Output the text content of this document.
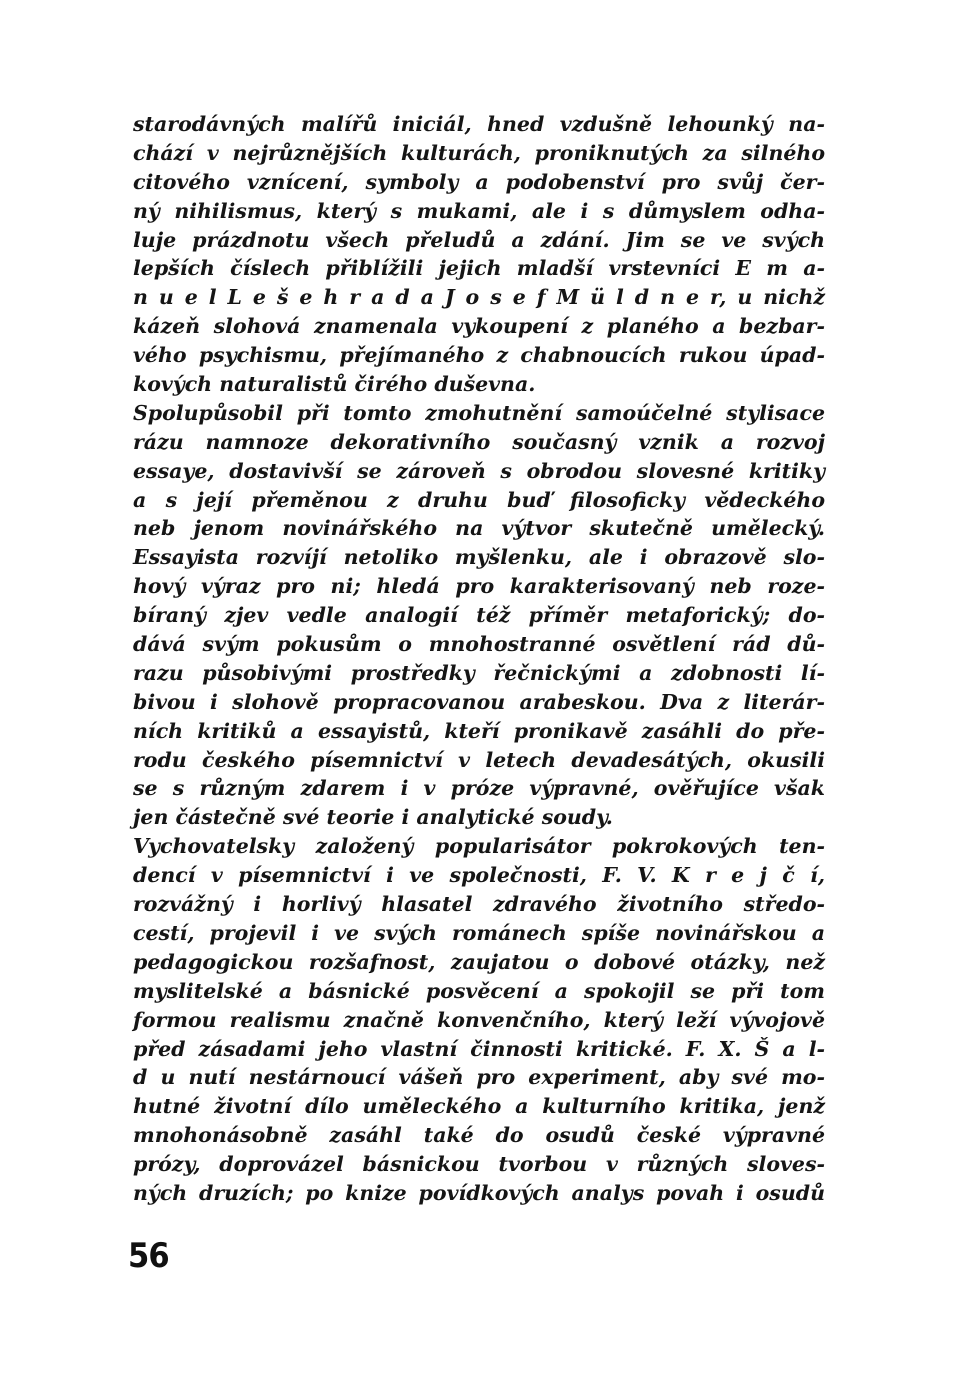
starodávných malířů iniciál, hned vzdušně lehounký na-
chází v nejrůznějších kulturách, proniknutých za silného
citového vznícení, symboly a podobenství pro svůj čer-
ný nihilismus, který s mukami, ale i s důmyslem odha-
luje prázdnotu všech přeludů a zdání. Jim se ve svých
lepších číslech přiblížili jejich mladší vrstevníci E m a-
n u e l L e š e h r a d a J o s e f M ü l d n e r, u nichž
kázeň slohová znamenala vykoupení z planého a bezbar-
vého psychismu, přejímaného z chabnoucích rukou úpad-
kových naturalistů čirého duševna.
Spolupůsobil při tomto zmohutnění samoúčelné stylisace
rázu namnoze dekorativního současný vznik a rozvoj
essaye, dostavivší se zároveň s obrodou slovesné kritiky
a s její přeměnou z druhu buď filosoficky vědeckého
neb jenom novinářského na výtvor skutečně umělecký.
Essayista rozvíjí netoliko myšlenku, ale i obrazově slo-
hový výraz pro ni; hledá pro karakterisovaný neb roze-
bíraný zjev vedle analogií též příměr metaforický; do-
dává svým pokusům o mnohostranné osvětlení rád dů-
razu působivými prostředky řečnickými a zdobnosti lí-
bivou i slohově propracovanou arabeskou. Dva z literár-
ních kritiků a essayistů, kteří pronikavě zasáhli do pře-
rodu českého písemnictví v letech devadesátých, okusili
se s různým zdarem i v próze výpravné, ověřujíce však
jen částečně své teorie i analytické soudy.
Vychovatelsky založený popularisátor pokrokových ten-
dencí v písemnictví i ve společnosti, F. V. K r e j č í,
rozvážný i horlivý hlasatel zdravého životního středo-
cestí, projevil i ve svých románech spíše novinářskou a
pedagogickou rozšafnost, zaujatou o dobové otázky, než
myslitelské a básnické posvěcení a spokojil se při tom
formou realismu značně konvenčního, který leží vývojově
před zásadami jeho vlastní činnosti kritické. F. X. Š a l-
d u nutí nestárnoucí vášeň pro experiment, aby své mo-
hutné životní dílo uměleckého a kulturního kritika, jenž
mnohonásobně zasáhl také do osudů české výpravné
prózy, doprovázel básnickou tvorbou v různých sloves-
ných druzích; po knize povídkových analys povah i osudů
56
